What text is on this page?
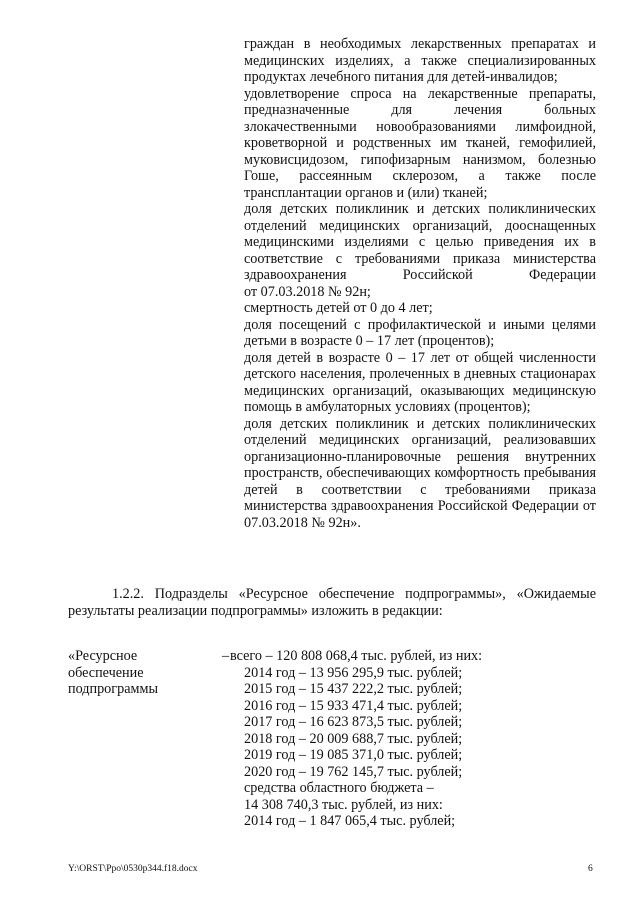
граждан в необходимых лекарственных препаратах и медицинских изделиях, а также специализированных продуктах лечебного питания для детей-инвалидов;

удовлетворение спроса на лекарственные препараты, предназначенные для лечения больных злокачественными новообразованиями лимфоидной, кроветворной и родственных им тканей, гемофилией, муковисцидозом, гипофизарным нанизмом, болезнью Гоше, рассеянным склерозом, а также после трансплантации органов и (или) тканей;

доля детских поликлиник и детских поликлинических отделений медицинских организаций, дооснащенных медицинскими изделиями с целью приведения их в соответствие с требованиями приказа министерства здравоохранения Российской Федерации

от 07.03.2018 № 92н;

смертность детей от 0 до 4 лет;

доля посещений с профилактической и иными целями детьми в возрасте 0 – 17 лет (процентов);

доля детей в возрасте 0 – 17 лет от общей численности детского населения, пролеченных в дневных стационарах медицинских организаций, оказывающих медицинскую помощь в амбулаторных условиях (процентов);

доля детских поликлиник и детских поликлинических отделений медицинских организаций, реализовавших организационно-планировочные решения внутренних пространств, обеспечивающих комфортность пребывания детей в соответствии с требованиями приказа министерства здравоохранения Российской Федерации от 07.03.2018 № 92н».

1.2.2. Подразделы «Ресурсное обеспечение подпрограммы», «Ожидаемые результаты реализации подпрограммы» изложить в редакции:
«Ресурсное обеспечение подпрограммы
– всего – 120 808 068,4 тыс. рублей, из них:
2014 год – 13 956 295,9 тыс. рублей;
2015 год – 15 437 222,2 тыс. рублей;
2016 год – 15 933 471,4 тыс. рублей;
2017 год – 16 623 873,5 тыс. рублей;
2018 год – 20 009 688,7 тыс. рублей;
2019 год – 19 085 371,0 тыс. рублей;
2020 год – 19 762 145,7 тыс. рублей;
средства областного бюджета –
14 308 740,3 тыс. рублей, из них:
2014 год – 1 847 065,4 тыс. рублей;
Y:\ORST\Ppo\0530p344.f18.docx	6
